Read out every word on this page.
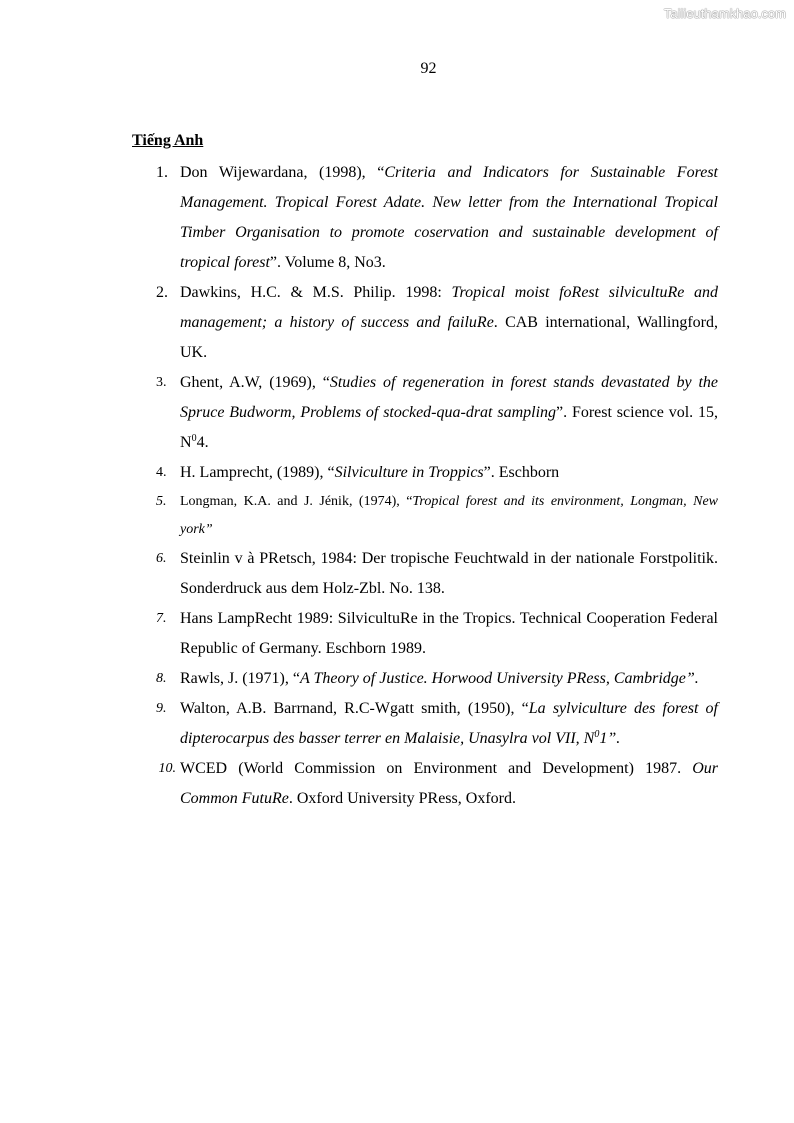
Tailieuthamkhao.com
92
Tiếng Anh
1. Don Wijewardana, (1998), “Criteria and Indicators for Sustainable Forest Management. Tropical Forest Adate. New letter from the International Tropical Timber Organisation to promote coservation and sustainable development of tropical forest”. Volume 8, No3.
2. Dawkins, H.C. & M.S. Philip. 1998: Tropical moist foRest silvicultuRe and management; a history of success and failuRe. CAB international, Wallingford, UK.
3. Ghent, A.W, (1969), “Studies of regeneration in forest stands devastated by the Spruce Budworm, Problems of stocked-qua-drat sampling”. Forest science vol. 15, $N^04$.
4. H. Lamprecht, (1989), “Silviculture in Troppics”. Eschborn
5. Longman, K.A. and J. Jénik, (1974), “Tropical forest and its environment, Longman, New york”
6. Steinlin v à PRetsch, 1984: Der tropische Feuchtwald in der nationale Forstpolitik. Sonderdruck aus dem Holz-Zbl. No. 138.
7. Hans LampRecht 1989: SilvicultuRe in the Tropics. Technical Cooperation Federal Republic of Germany. Eschborn 1989.
8. Rawls, J. (1971), “A Theory of Justice. Horwood University PRess, Cambridge”.
9. Walton, A.B. Barrnand, R.C-Wgatt smith, (1950), “La sylviculture des forest of dipterocarpus des basser terrer en Malaisie, Unasylra vol VII, $N^01$”.
10. WCED (World Commission on Environment and Development) 1987. Our Common FutuRe. Oxford University PRess, Oxford.
